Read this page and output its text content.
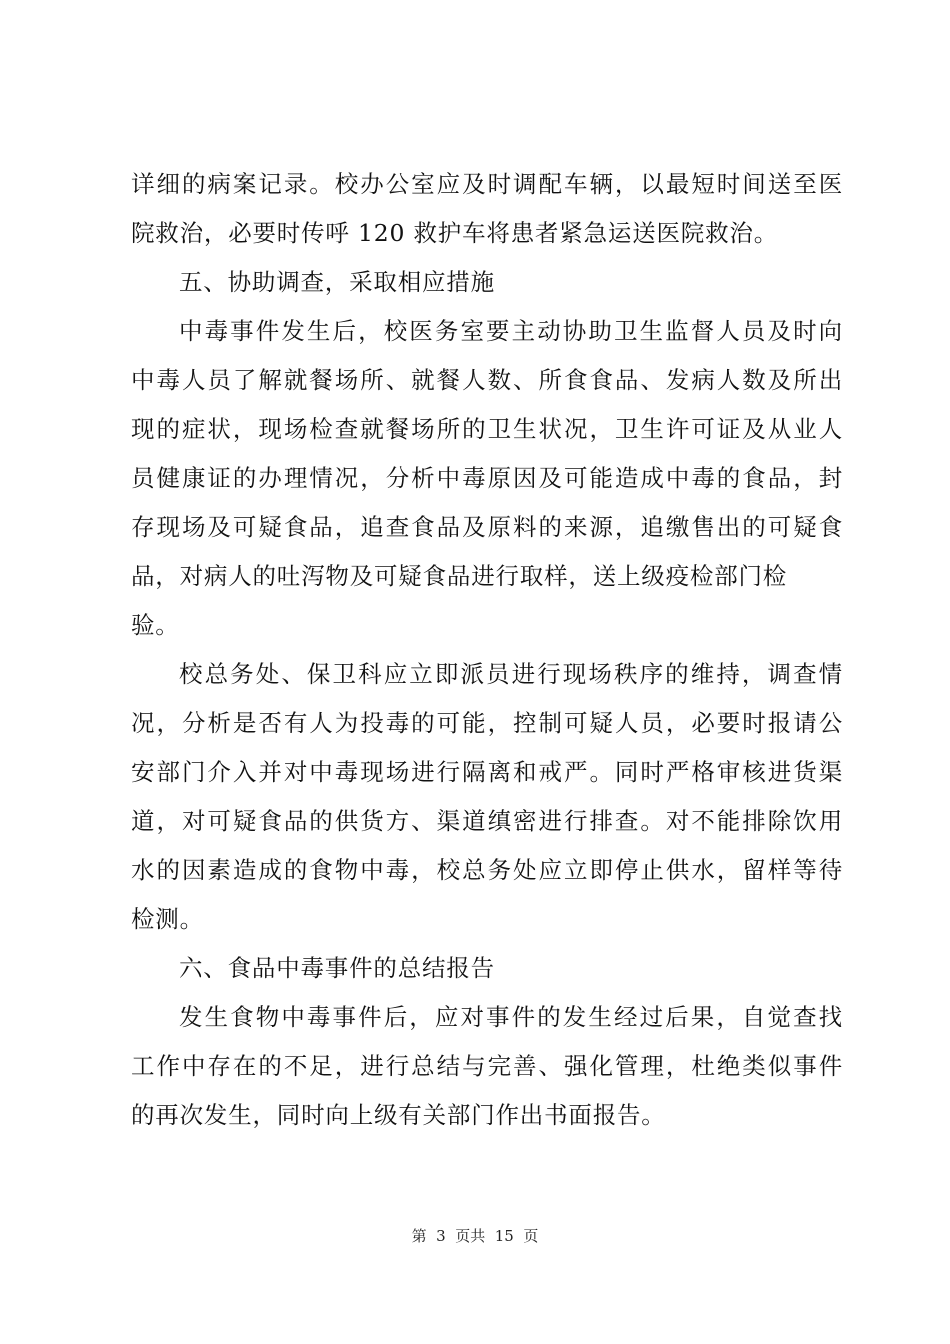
详细的病案记录。校办公室应及时调配车辆，以最短时间送至医
院救治，必要时传呼 120 救护车将患者紧急运送医院救治。
五、协助调查，采取相应措施
中毒事件发生后，校医务室要主动协助卫生监督人员及时向
中毒人员了解就餐场所、就餐人数、所食食品、发病人数及所出
现的症状，现场检查就餐场所的卫生状况，卫生许可证及从业人
员健康证的办理情况，分析中毒原因及可能造成中毒的食品，封
存现场及可疑食品，追查食品及原料的来源，追缴售出的可疑食
品，对病人的吐泻物及可疑食品进行取样，送上级疫检部门检
验。
校总务处、保卫科应立即派员进行现场秩序的维持，调查情
况，分析是否有人为投毒的可能，控制可疑人员，必要时报请公
安部门介入并对中毒现场进行隔离和戒严。同时严格审核进货渠
道，对可疑食品的供货方、渠道缜密进行排查。对不能排除饮用
水的因素造成的食物中毒，校总务处应立即停止供水，留样等待
检测。
六、食品中毒事件的总结报告
发生食物中毒事件后，应对事件的发生经过后果，自觉查找
工作中存在的不足，进行总结与完善、强化管理，杜绝类似事件
的再次发生，同时向上级有关部门作出书面报告。
第  3  页共  15  页
